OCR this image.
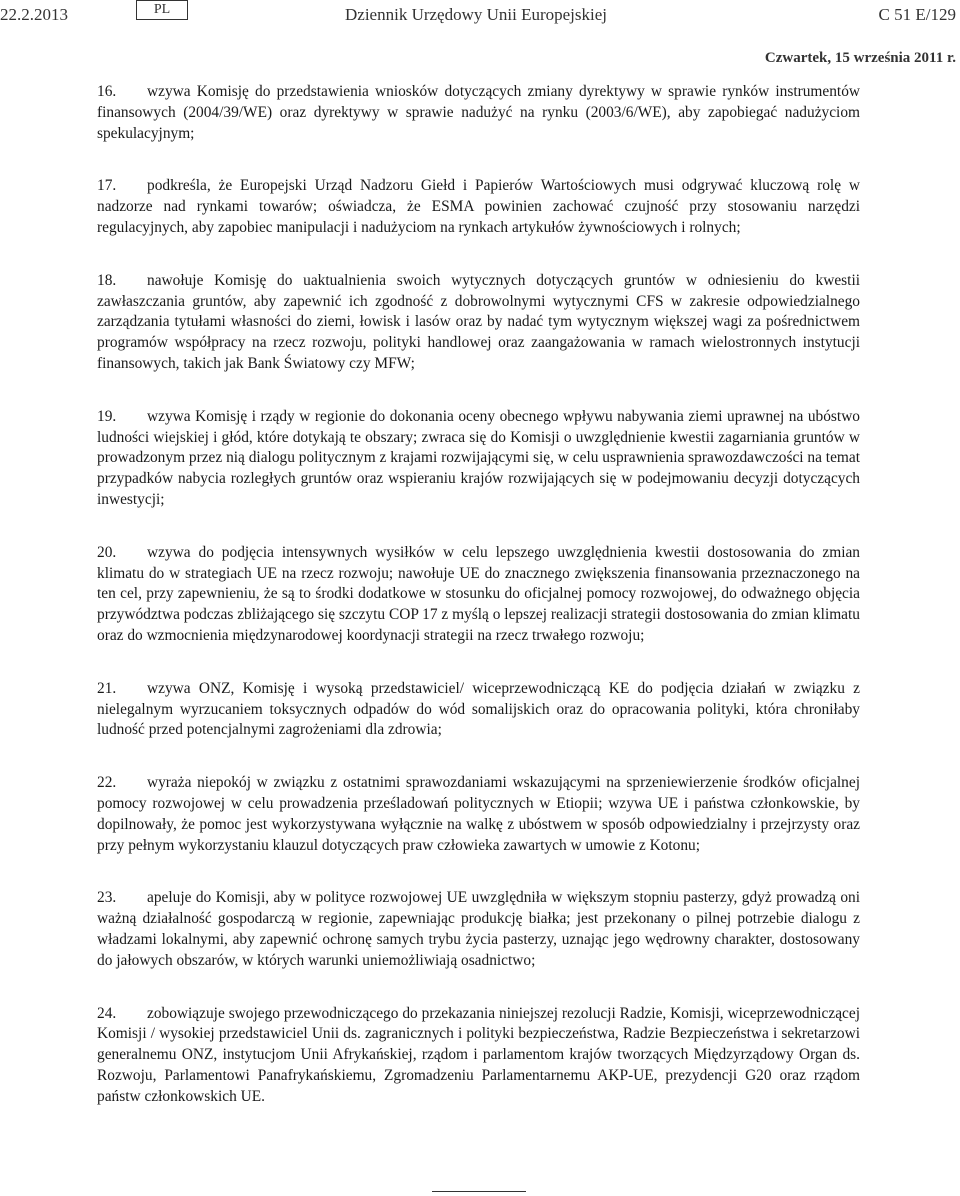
22.2.2013	PL	Dziennik Urzędowy Unii Europejskiej	C 51 E/129
Czwartek, 15 września 2011 r.

16. wzywa Komisję do przedstawienia wniosków dotyczących zmiany dyrektywy w sprawie rynków instrumentów finansowych (2004/39/WE) oraz dyrektywy w sprawie nadużyć na rynku (2003/6/WE), aby zapobiegać nadużyciom spekulacyjnym;

17. podkreśla, że Europejski Urząd Nadzoru Giełd i Papierów Wartościowych musi odgrywać kluczową rolę w nadzorze nad rynkami towarów; oświadcza, że ESMA powinien zachować czujność przy stosowaniu narzędzi regulacyjnych, aby zapobiec manipulacji i nadużyciom na rynkach artykułów żywnościowych i rolnych;

18. nawołuje Komisję do uaktualnienia swoich wytycznych dotyczących gruntów w odniesieniu do kwestii zawłaszczania gruntów, aby zapewnić ich zgodność z dobrowolnymi wytycznymi CFS w zakresie odpowiedzialnego zarządzania tytułami własności do ziemi, łowisk i lasów oraz by nadać tym wytycznym większej wagi za pośrednictwem programów współpracy na rzecz rozwoju, polityki handlowej oraz zaangażowania w ramach wielostronnych instytucji finansowych, takich jak Bank Światowy czy MFW;

19. wzywa Komisję i rządy w regionie do dokonania oceny obecnego wpływu nabywania ziemi uprawnej na ubóstwo ludności wiejskiej i głód, które dotykają te obszary; zwraca się do Komisji o uwzględnienie kwestii zagarniania gruntów w prowadzonym przez nią dialogu politycznym z krajami rozwijającymi się, w celu usprawnienia sprawozdawczości na temat przypadków nabycia rozległych gruntów oraz wspieraniu krajów rozwijających się w podejmowaniu decyzji dotyczących inwestycji;

20. wzywa do podjęcia intensywnych wysiłków w celu lepszego uwzględnienia kwestii dostosowania do zmian klimatu do w strategiach UE na rzecz rozwoju; nawołuje UE do znacznego zwiększenia finansowania przeznaczonego na ten cel, przy zapewnieniu, że są to środki dodatkowe w stosunku do oficjalnej pomocy rozwojowej, do odważnego objęcia przywództwa podczas zbliżającego się szczytu COP 17 z myślą o lepszej realizacji strategii dostosowania do zmian klimatu oraz do wzmocnienia międzynarodowej koordynacji strategii na rzecz trwałego rozwoju;

21. wzywa ONZ, Komisję i wysoką przedstawiciel/ wiceprzewodniczącą KE do podjęcia działań w związku z nielegalnym wyrzucaniem toksycznych odpadów do wód somalijskich oraz do opracowania polityki, która chroniłaby ludność przed potencjalnymi zagrożeniami dla zdrowia;

22. wyraża niepokój w związku z ostatnimi sprawozdaniami wskazującymi na sprzeniewierzenie środków oficjalnej pomocy rozwojowej w celu prowadzenia prześladowań politycznych w Etiopii; wzywa UE i państwa członkowskie, by dopilnowały, że pomoc jest wykorzystywana wyłącznie na walkę z ubóstwem w sposób odpowiedzialny i przejrzysty oraz przy pełnym wykorzystaniu klauzul dotyczących praw człowieka zawartych w umowie z Kotonu;

23. apeluje do Komisji, aby w polityce rozwojowej UE uwzględniła w większym stopniu pasterzy, gdyż prowadzą oni ważną działalność gospodarczą w regionie, zapewniając produkcję białka; jest przekonany o pilnej potrzebie dialogu z władzami lokalnymi, aby zapewnić ochronę samych trybu życia pasterzy, uznając jego wędrowny charakter, dostosowany do jałowych obszarów, w których warunki uniemożliwiają osadnictwo;

24. zobowiązuje swojego przewodniczącego do przekazania niniejszej rezolucji Radzie, Komisji, wiceprzewodniczącej Komisji / wysokiej przedstawiciel Unii ds. zagranicznych i polityki bezpieczeństwa, Radzie Bezpieczeństwa i sekretarzowi generalnemu ONZ, instytucjom Unii Afrykańskiej, rządom i parlamentom krajów tworzących Międzyrządowy Organ ds. Rozwoju, Parlamentowi Panafrykańskiemu, Zgromadzeniu Parlamentarnemu AKP-UE, prezydencji G20 oraz rządom państw członkowskich UE.
